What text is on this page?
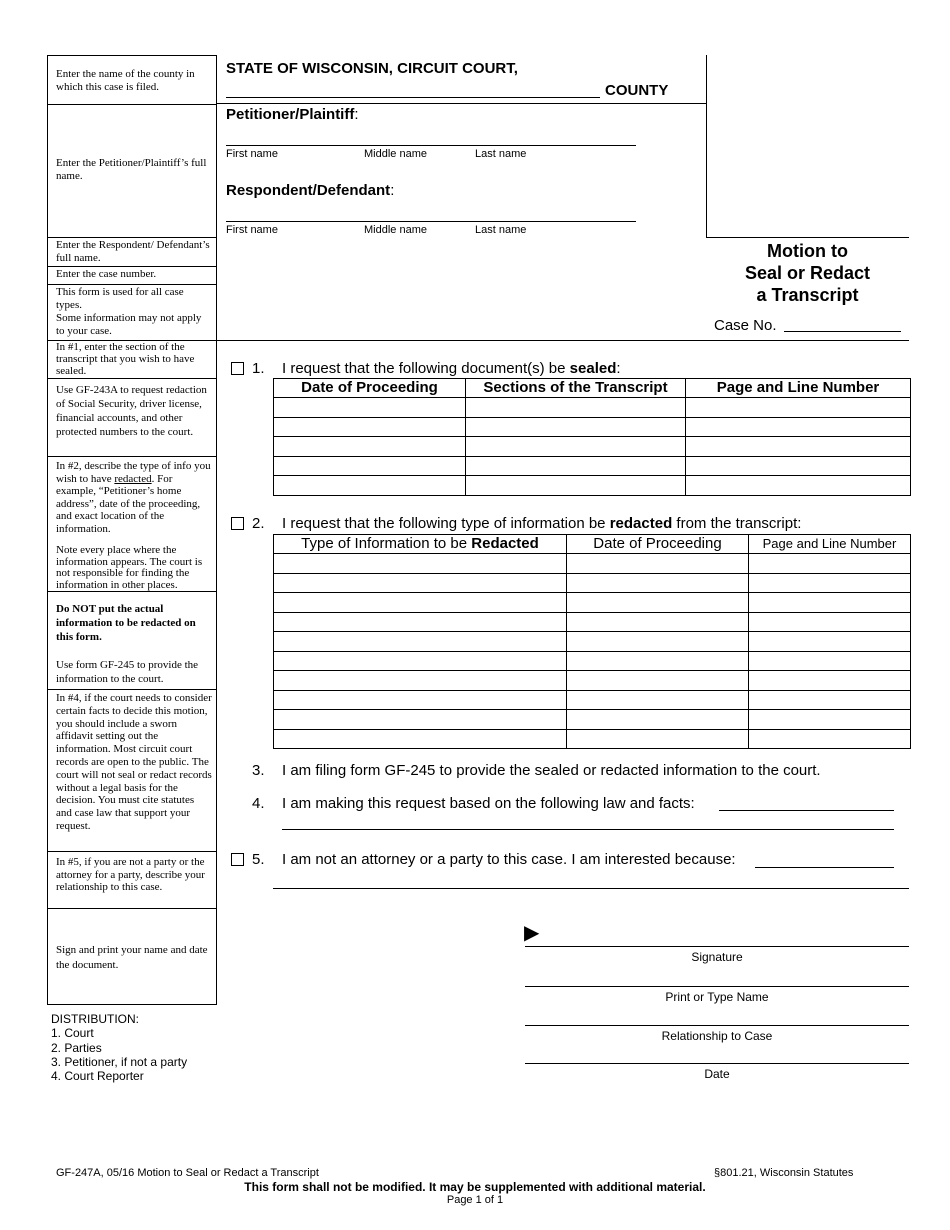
Enter the name of the county in which this case is filed.

Enter the Petitioner/Plaintiff’s full name.

Enter the Respondent/ Defendant’s full name.

Enter the case number.

This form is used for all case types.

Some information may not apply to your case.

In #1, enter the section of the transcript that you wish to have sealed.

Use GF-243A to request redaction of Social Security, driver license, financial accounts, and other protected numbers to the court.

In #2, describe the type of info you wish to have redacted. For example, “Petitioner’s home address”, date of the proceeding, and exact location of the information.

Note every place where the information appears. The court is not responsible for finding the information in other places.

Do NOT put the actual information to be redacted on this form.

Use form GF-245 to provide the information to the court.

In #4, if the court needs to consider certain facts to decide this motion, you should include a sworn affidavit setting out the information. Most circuit court records are open to the public. The court will not seal or redact records without a legal basis for the decision. You must cite statutes and case law that support your request.

In #5, if you are not a party or the attorney for a party, describe your relationship to this case.

Sign and print your name and date the document.

DISTRIBUTION:
1. Court
2. Parties
3. Petitioner, if not a party
4. Court Reporter
STATE OF WISCONSIN, CIRCUIT COURT,
COUNTY
Petitioner/Plaintiff:
First name	Middle name	Last name
Respondent/Defendant:
First name	Middle name	Last name
Motion to
Seal or Redact
a Transcript
Case No.
1. I request that the following document(s) be sealed:
Date of Proceeding	Sections of the Transcript	Page and Line Number

2. I request that the following type of information be redacted from the transcript:
Type of Information to be Redacted	Date of Proceeding	Page and Line Number

3. I am filing form GF-245 to provide the sealed or redacted information to the court.
4. I am making this request based on the following law and facts:
5. I am not an attorney or a party to this case. I am interested because:
▶
Signature
Print or Type Name
Relationship to Case
Date
GF-247A, 05/16 Motion to Seal or Redact a Transcript	§801.21, Wisconsin Statutes
This form shall not be modified. It may be supplemented with additional material.
Page 1 of 1
